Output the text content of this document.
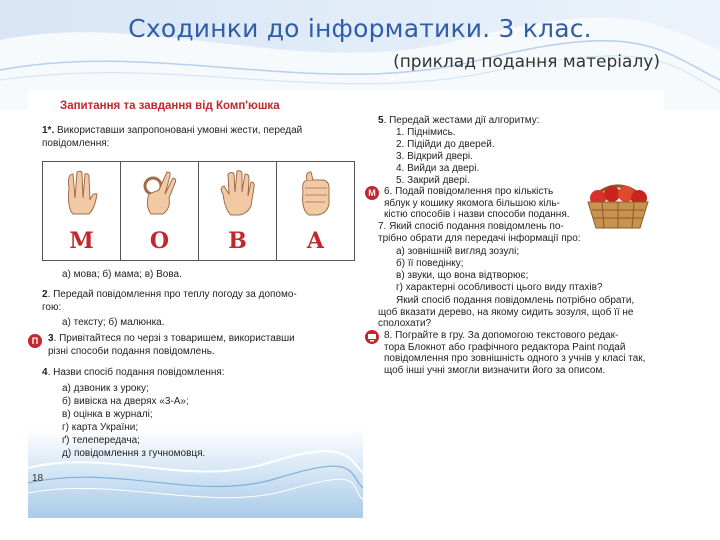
Сходинки до інформатики. 3 клас.
(приклад подання матеріалу)
Запитання та завдання від Комп'юшка
1*. Використавши запропоновані умовні жести, передай
повідомлення:
М	О	В	А
а) мова; б) мама; в) Вова.
2. Передай повідомлення про теплу погоду за допомо-
гою:
а) тексту; б) малюнка.
П 3. Привітайтеся по черзі з товаришем, використавши
різні способи подання повідомлень.
4. Назви спосіб подання повідомлення:
а) дзвоник з уроку;
б) вивіска на дверях «3-А»;
в) оцінка в журналі;
г) карта України;
ґ) телепередача;
д) повідомлення з гучномовця.
18
5. Передай жестами дії алгоритму:
1. Піднімись.
2. Підійди до дверей.
3. Відкрий двері.
4. Вийди за двері.
5. Закрий двері.
М 6. Подай повідомлення про кількість
яблук у кошику якомога більшою кіль-
кістю способів і назви способи подання.
7. Який спосіб подання повідомлень по-
трібно обрати для передачі інформації про:
а) зовнішній вигляд зозулі;
б) її поведінку;
в) звуки, що вона відтворює;
г) характерні особливості цього виду птахів?
Який спосіб подання повідомлень потрібно обрати,
щоб вказати дерево, на якому сидить зозуля, щоб її не
сполохати?
8. Пограйте в гру. За допомогою текстового редак-
тора Блокнот або графічного редактора Paint подай
повідомлення про зовнішність одного з учнів у класі так,
щоб інші учні змогли визначити його за описом.
